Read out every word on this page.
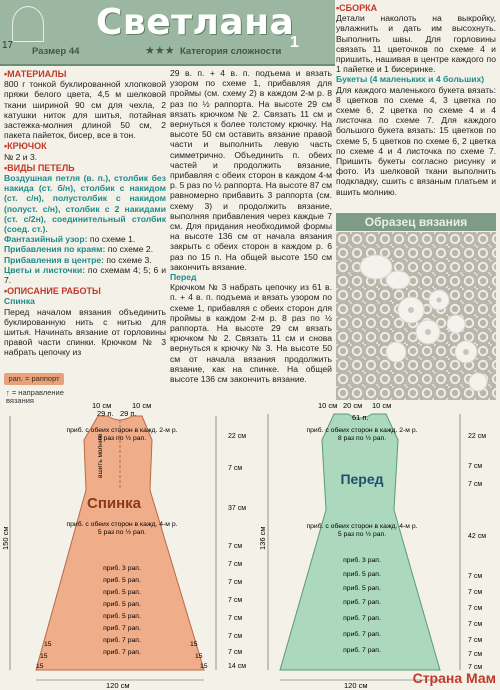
17
Светлана
Размер 44	★★★ Категория сложности
1
•МАТЕРИАЛЫ

800 г тонкой буклированной хлопковой пряжи белого цвета, 4,5 м шелковой ткани шириной 90 см для чехла, 2 катушки ниток для шитья, потайная застежка-молния длиной 50 см, 2 пакета пайеток, бисер, все в тон.

•КРЮЧОК

№ 2 и 3.

•ВИДЫ ПЕТЕЛЬ

Воздушная петля (в. п.), столбик без накида (ст. б/н), столбик с накидом (ст. с/н), полустолбик с накидом (полуст. с/н), столбик с 2 накидами (ст. с/2н), соединительный столбик (соед. ст.).

Фантазийный узор: по схеме 1.

Прибавления по краям: по схеме 2.

Прибавления в центре: по схеме 3.

Цветы и листочки: по схемам 4; 5; 6 и 7.

•ОПИСАНИЕ РАБОТЫ
Спинка

Перед началом вязания объединить буклированную нить с нитью для шитья. Начинать вязание от горловины правой части спинки. Крючком № 3 набрать цепочку из

29 в. п. + 4 в. п. подъема и вязать узором по схеме 1, прибавляя для проймы (см. схему 2) в каждом 2-м р. 8 раз по ½ раппорта. На высоте 29 см вязать крючком № 2. Связать 11 см и вернуться к более толстому крючку. На высоте 50 см оставить вязание правой части и выполнить левую часть симметрично. Объединить п. обеих частей и продолжить вязание, прибавляя с обеих сторон в каждом 4-м р. 5 раз по ½ раппорта. На высоте 87 см равномерно прибавить 3 раппорта (см. схему 3) и продолжить вязание, выполняя прибавления через каждые 7 см. Для придания необходимой формы на высоте 136 см от начала вязания закрыть с обеих сторон в каждом р. 6 раз по 15 п. На общей высоте 150 см закончить вязание.

Перед

Крючком № 3 набрать цепочку из 61 в. п. + 4 в. п. подъема и вязать узором по схеме 1, прибавляя с обеих сторон для проймы в каждом 2-м р. 8 раз по ½ раппорта. На высоте 29 см вязать крючком № 2. Связать 11 см и снова вернуться к крючку № 3. На высоте 50 см от начала вязания продолжить вязание, как на спинке. На общей высоте 136 см закончить вязание.

•СБОРКА

Детали наколоть на выкройку, увлажнить и дать им высохнуть. Выполнить швы. Для горловины связать 11 цветочков по схеме 4 и пришить, нашивая в центре каждого по 1 пайетке и 1 бисеринке.

Букеты (4 маленьких и 4 больших)

Для каждого маленького букета вязать: 8 цветков по схеме 4, 3 цветка по схеме 6, 2 цветка по схеме 4 и 4 листочка по схеме 7. Для каждого большого букета вязать: 15 цветков по схеме 5, 5 цветков по схеме 6, 2 цветка по схеме 4 и 4 листочка по схеме 7. Пришить букеты согласно рисунку и фото. Из шелковой ткани выполнить подкладку, сшить с вязаным платьем и вшить молнию.

Образец вязания
рап. = раппорт
↑ = направление вязания
10 см	10 см
29 п. 29 п.
приб. с обеих сторон в кажд. 2-м р.
8 раз по ½ рап.
вшить молнию
Спинка
приб. с обеих сторон в кажд. 4-м р.
5 раз по ½ рап.
приб. 3 рап.
приб. 5 рап.
приб. 5 рап.
приб. 5 рап.
приб. 5 рап.
приб. 7 рап.
приб. 7 рап.
приб. 7 рап.
15
15
15
15
15
15
22 см
7 см
37 см
7 см
7 см
7 см
7 см
7 см
7 см
7 см
14 см
150 см
120 см
10 см 20 см 10 см
61 п.
приб. с обеих сторон в кажд. 2-м р.
8 раз по ½ рап.
Перед
приб. с обеих сторон в кажд. 4-м р.
5 раз по ½ рап.
приб. 3 рап.
приб. 5 рап.
приб. 5 рап.
приб. 7 рап.
приб. 7 рап.
приб. 7 рап.
приб. 7 рап.
22 см
7 см
7 см
42 см
7 см
7 см
7 см
7 см
7 см
7 см
7 см
136 см
120 см	Страна Мам
